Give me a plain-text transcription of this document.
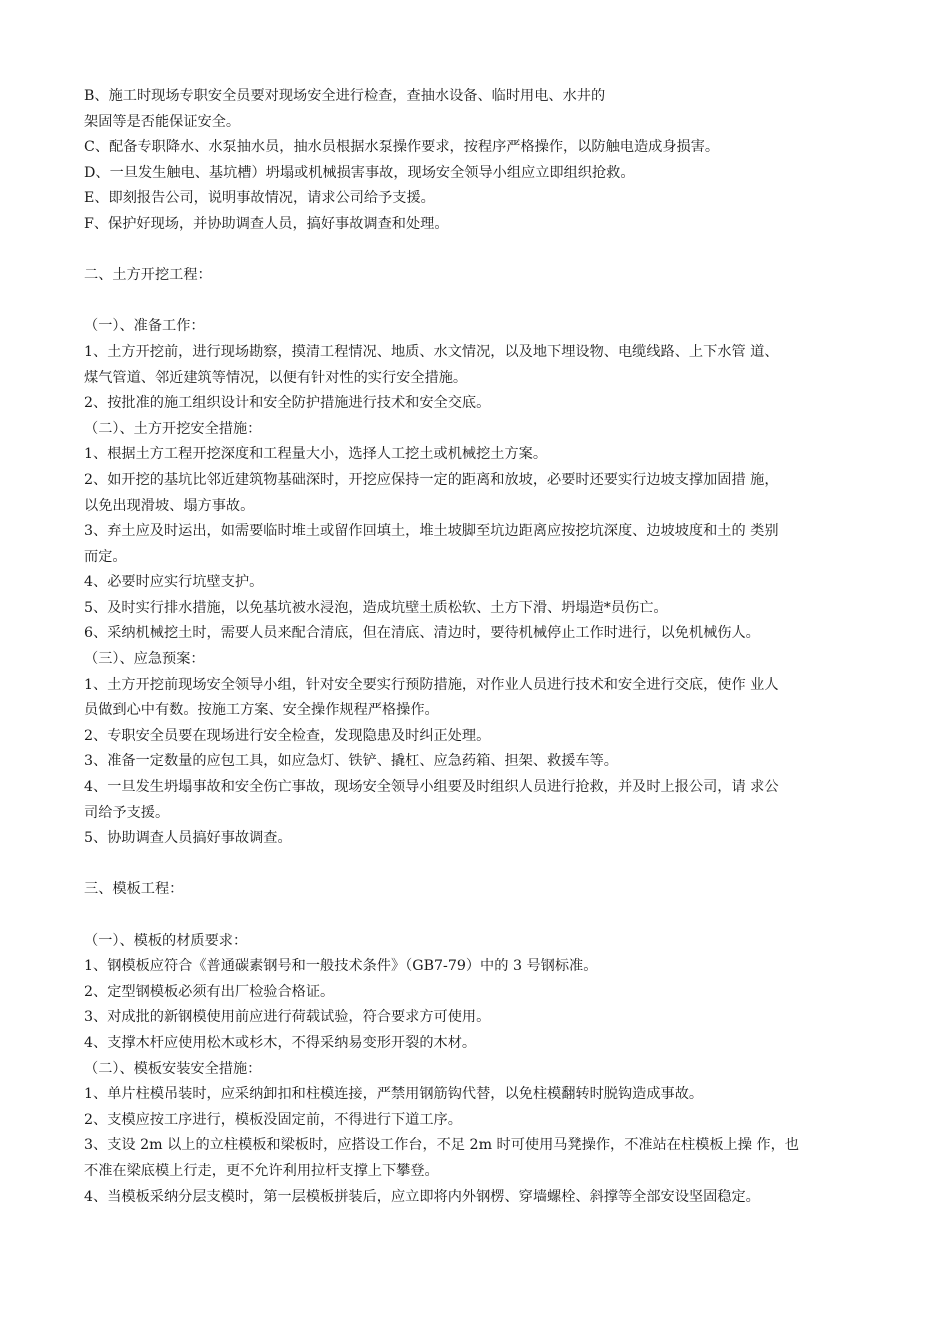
B、施工时现场专职安全员要对现场安全进行检查，查抽水设备、临时用电、水井的
架固等是否能保证安全。
C、配备专职降水、水泵抽水员，抽水员根据水泵操作要求，按程序严格操作，以防触电造成身损害。
D、一旦发生触电、基坑槽）坍塌或机械损害事故，现场安全领导小组应立即组织抢救。
E、即刻报告公司，说明事故情况，请求公司给予支援。
F、保护好现场，并协助调查人员，搞好事故调查和处理。
二、土方开挖工程：
（一）、准备工作：
1、土方开挖前，进行现场勘察，摸清工程情况、地质、水文情况，以及地下埋设物、电缆线路、上下水管 道、
煤气管道、邻近建筑等情况，以便有针对性的实行安全措施。
2、按批准的施工组织设计和安全防护措施进行技术和安全交底。
（二）、土方开挖安全措施：
1、根据土方工程开挖深度和工程量大小，选择人工挖土或机械挖土方案。
2、如开挖的基坑比邻近建筑物基础深时，开挖应保持一定的距离和放坡，必要时还要实行边坡支撑加固措 施，
以免出现滑坡、塌方事故。
3、弃土应及时运出，如需要临时堆土或留作回填土，堆土坡脚至坑边距离应按挖坑深度、边坡坡度和土的 类别
而定。
4、必要时应实行坑壁支护。
5、及时实行排水措施，以免基坑被水浸泡，造成坑壁土质松软、土方下滑、坍塌造*员伤亡。
6、采纳机械挖土时，需要人员来配合清底，但在清底、清边时，要待机械停止工作时进行，以免机械伤人。
（三）、应急预案：
1、土方开挖前现场安全领导小组，针对安全要实行预防措施，对作业人员进行技术和安全进行交底，使作 业人
员做到心中有数。按施工方案、安全操作规程严格操作。
2、专职安全员要在现场进行安全检查，发现隐患及时纠正处理。
3、准备一定数量的应包工具，如应急灯、铁铲、撬杠、应急药箱、担架、救援车等。
4、一旦发生坍塌事故和安全伤亡事故，现场安全领导小组要及时组织人员进行抢救，并及时上报公司，请 求公
司给予支援。
5、协助调查人员搞好事故调查。
三、模板工程：
（一）、模板的材质要求：
1、钢模板应符合《普通碳素钢号和一般技术条件》（GB7-79）中的 3 号钢标准。
2、定型钢模板必须有出厂检验合格证。
3、对成批的新钢模使用前应进行荷载试验，符合要求方可使用。
4、支撑木杆应使用松木或杉木，不得采纳易变形开裂的木材。
（二）、模板安装安全措施：
1、单片柱模吊装时，应采纳卸扣和柱模连接，严禁用钢筋钩代替，以免柱模翻转时脱钩造成事故。
2、支模应按工序进行，模板没固定前，不得进行下道工序。
3、支设 2m 以上的立柱模板和梁板时，应搭设工作台，不足 2m 时可使用马凳操作，不准站在柱模板上操 作，也
不准在梁底模上行走，更不允许利用拉杆支撑上下攀登。
4、当模板采纳分层支模时，第一层模板拼装后，应立即将内外钢楞、穿墙螺栓、斜撑等全部安设坚固稳定。
